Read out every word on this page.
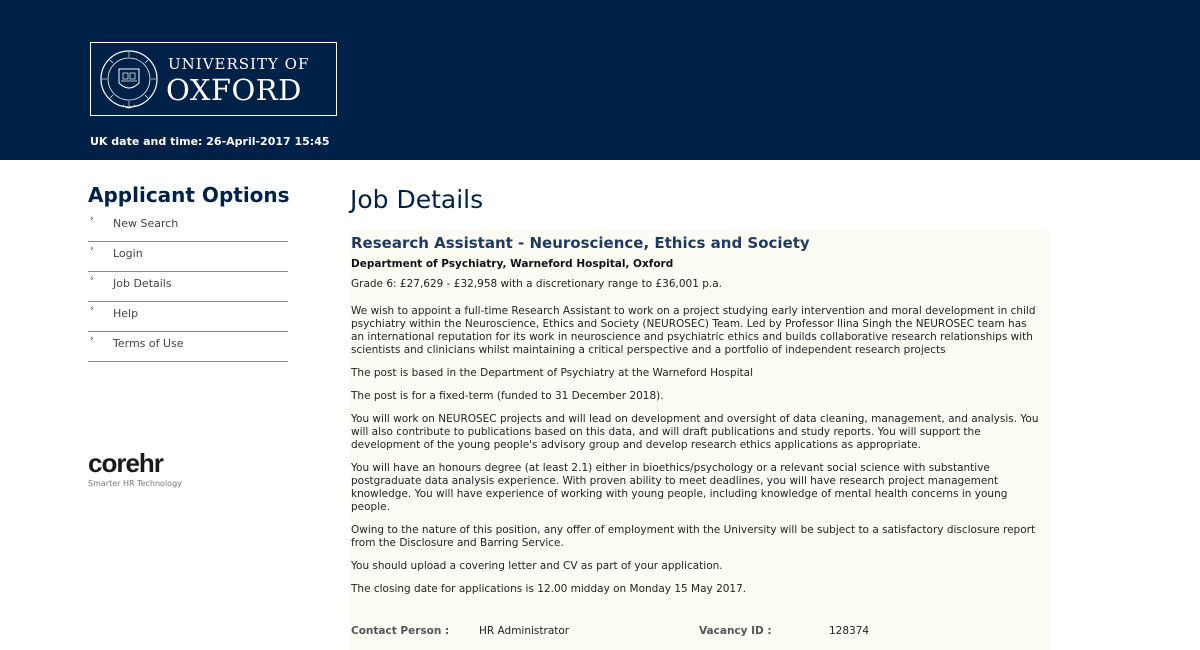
UNIVERSITY OF
OXFORD
UK date and time: 26-April-2017 15:45
Applicant Options
› New Search
› Login
› Job Details
› Help
› Terms of Use
corehr
Smarter HR Technology
Job Details
Research Assistant - Neuroscience, Ethics and Society
Department of Psychiatry, Warneford Hospital, Oxford

Grade 6: £27,629 - £32,958 with a discretionary range to £36,001 p.a.

We wish to appoint a full-time Research Assistant to work on a project studying early intervention and moral development in child psychiatry within the Neuroscience, Ethics and Society (NEUROSEC) Team. Led by Professor Ilina Singh the NEUROSEC team has an international reputation for its work in neuroscience and psychiatric ethics and builds collaborative research relationships with scientists and clinicians whilst maintaining a critical perspective and a portfolio of independent research projects

The post is based in the Department of Psychiatry at the Warneford Hospital

The post is for a fixed-term (funded to 31 December 2018).

You will work on NEUROSEC projects and will lead on development and oversight of data cleaning, management, and analysis. You will also contribute to publications based on this data, and will draft publications and study reports. You will support the development of the young people's advisory group and develop research ethics applications as appropriate.

You will have an honours degree (at least 2.1) either in bioethics/psychology or a relevant social science with substantive postgraduate data analysis experience. With proven ability to meet deadlines, you will have research project management knowledge. You will have experience of working with young people, including knowledge of mental health concerns in young people.

Owing to the nature of this position, any offer of employment with the University will be subject to a satisfactory disclosure report from the Disclosure and Barring Service.

You should upload a covering letter and CV as part of your application.

The closing date for applications is 12.00 midday on Monday 15 May 2017.

Contact Person :	HR Administrator	Vacancy ID :	128374
